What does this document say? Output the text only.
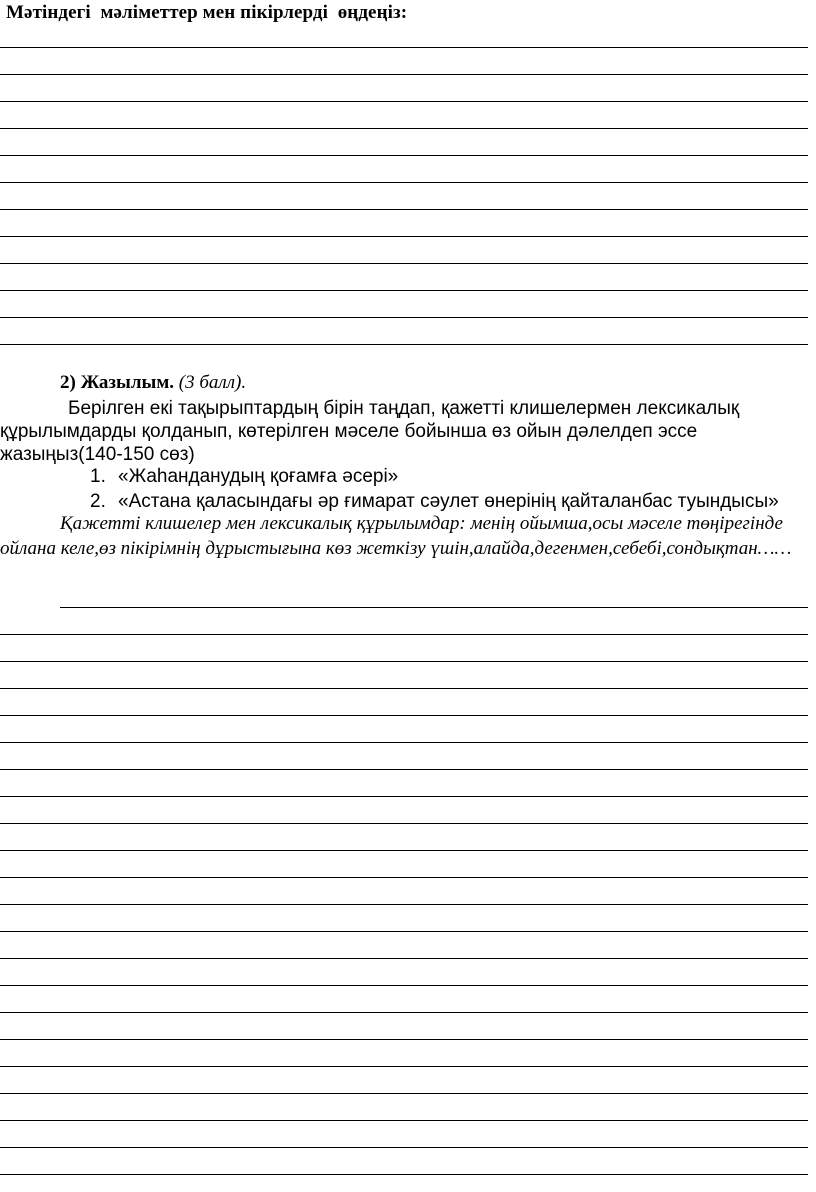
Мәтіндегі  мәліметтер мен пікірлерді  өңдеңіз:
2) Жазылым. (3 балл).

Берілген екі тақырыптардың бірін таңдап, қажетті клишелермен лексикалық құрылымдарды қолданып, көтерілген мәселе бойынша өз ойын дәлелдеп эссе жазыңыз(140-150 сөз)

1. «Жаһанданудың қоғамға әсері»
2. «Астана қаласындағы әр ғимарат сәулет өнерінің қайталанбас туындысы»

Қажетті клишелер мен лексикалық құрылымдар: менің ойымша,осы мәселе төңірегінде ойлана келе,өз пікірімнің дұрыстығына көз жеткізу үшін,алайда,дегенмен,себебі,сондықтан……
